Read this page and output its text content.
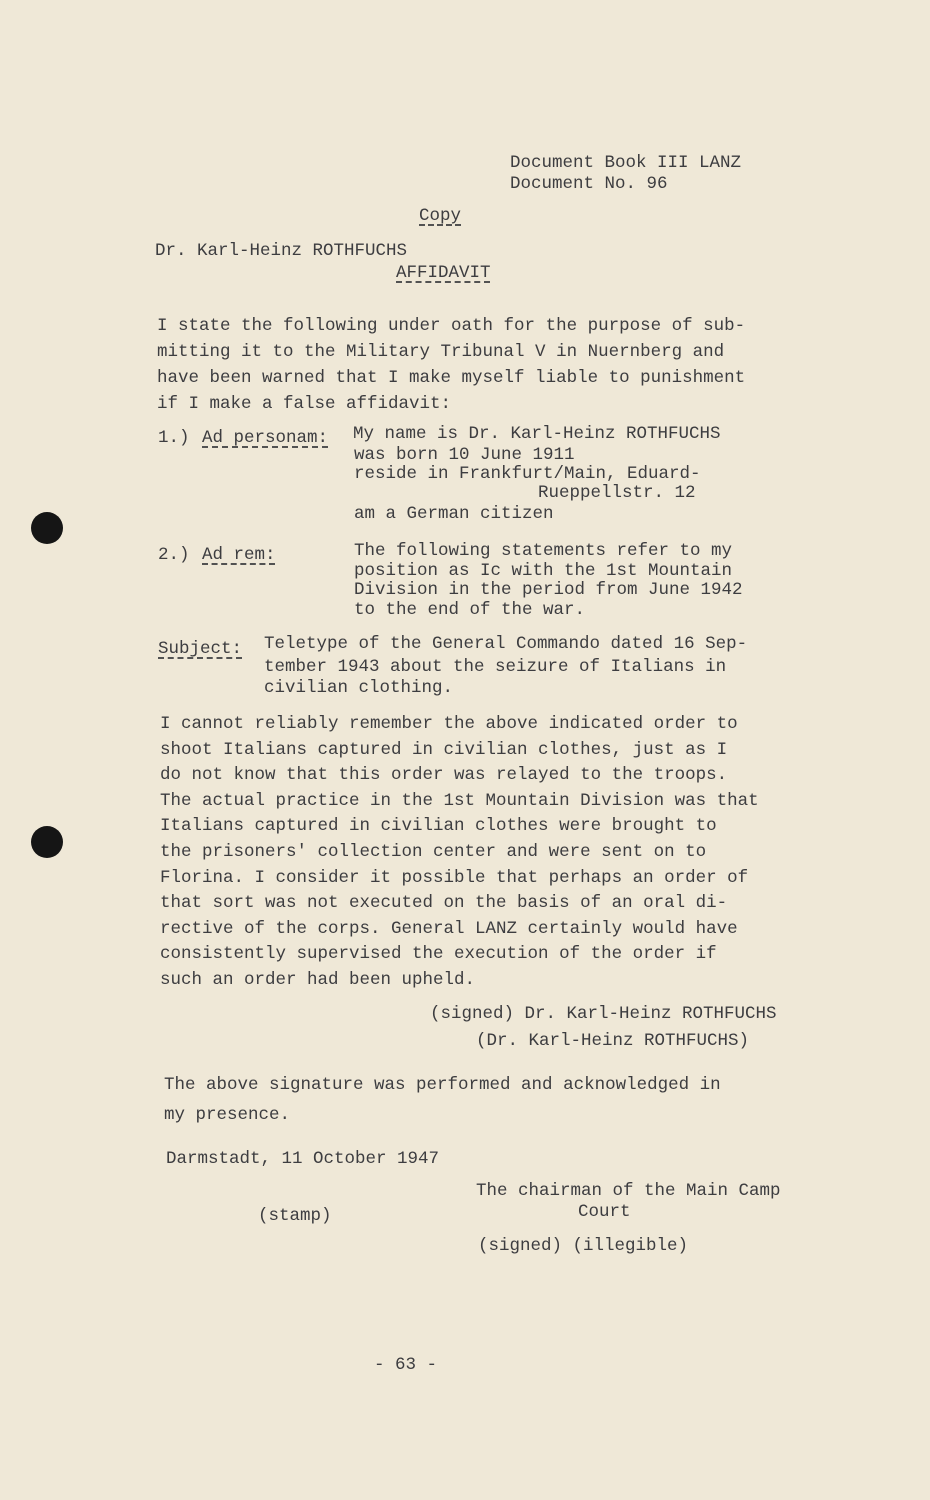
Document Book III LANZ
Document No. 96
Copy
Dr. Karl-Heinz ROTHFUCHS
AFFIDAVIT
I state the following under oath for the purpose of sub-
mitting it to the Military Tribunal V in Nuernberg and
have been warned that I make myself liable to punishment
if I make a false affidavit:
1.) Ad personam: My name is Dr. Karl-Heinz ROTHFUCHS
was born 10 June 1911
reside in Frankfurt/Main, Eduard-
Rueppellstr. 12
am a German citizen
2.) Ad rem:	The following statements refer to my
position as Ic with the 1st Mountain
Division in the period from June 1942
to the end of the war.
Subject: Teletype of the General Commando dated 16 Sep-
tember 1943 about the seizure of Italians in
civilian clothing.
I cannot reliably remember the above indicated order to
shoot Italians captured in civilian clothes, just as I
do not know that this order was relayed to the troops.
The actual practice in the 1st Mountain Division was that
Italians captured in civilian clothes were brought to
the prisoners' collection center and were sent on to
Florina. I consider it possible that perhaps an order of
that sort was not executed on the basis of an oral di-
rective of the corps. General LANZ certainly would have
consistently supervised the execution of the order if
such an order had been upheld.
(signed) Dr. Karl-Heinz ROTHFUCHS
(Dr. Karl-Heinz ROTHFUCHS)
The above signature was performed and acknowledged in
my presence.
Darmstadt, 11 October 1947
The chairman of the Main Camp
Court
(stamp)
(signed) (illegible)
- 63 -
